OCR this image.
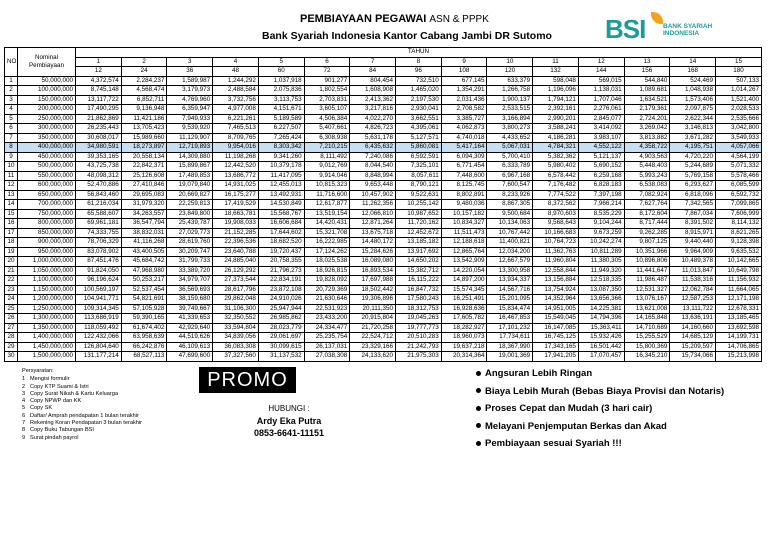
PEMBIAYAAN PEGAWAI ASN & PPPK
Bank Syariah Indonesia Kantor Cabang Jambi DR Sutomo BSI	BANK SYARIAH
INDONESIA
NO	Nominal
Pembiayaan	TAHUN														
		1	2	3	4	5	6	7	8	9	10	11	12	13	14	15
		12	24	36	48	60	72	84	96	108	120	132	144	156	168	180
1	50,000,000	4,372,574	2,284,237	1,589,987	1,244,292	1,037,918	901,277	804,454	732,510	677,145	633,379	598,048	569,015	544,840	524,469	507,133
2	100,000,000	8,745,148	4,568,474	3,179,973	2,488,584	2,075,836	1,802,554	1,608,908	1,465,020	1,354,291	1,266,758	1,196,096	1,138,031	1,089,681	1,048,938	1,014,267
3	150,000,000	13,117,722	6,852,711	4,769,960	3,732,756	3,113,753	2,703,831	2,413,362	2,197,530	2,031,436	1,900,137	1,794,121	1,707,046	1,634,521	1,573,406	1,521,400
4	200,000,000	17,490,295	9,136,948	6,359,947	4,977,008	4,151,671	3,605,107	3,217,816	2,930,041	2,708,582	2,533,515	2,392,161	2,276,061	2,179,361	2,097,875	2,028,533
5	250,000,000	21,862,869	11,421,186	7,949,933	6,221,261	5,189,589	4,506,384	4,022,270	3,662,551	3,385,727	3,166,894	2,990,201	2,845,077	2,724,201	2,622,344	2,535,666
6	300,000,000	26,235,443	13,705,423	9,539,920	7,465,513	6,227,507	5,407,661	4,826,723	4,395,061	4,062,873	3,800,273	3,588,241	3,414,092	3,269,042	3,146,813	3,042,800
7	350,000,000	30,608,017	15,989,660	11,129,907	8,709,765	7,265,424	6,308,938	5,631,178	5,127,571	4,740,018	4,433,652	4,186,281	3,983,107	3,813,882	3,671,282	3,549,933
8	400,000,000	34,980,591	18,273,897	12,719,893	9,954,016	8,303,342	7,210,215	6,435,632	5,860,081	5,417,164	5,067,031	4,784,321	4,552,122	4,358,722	4,195,751	4,057,066
9	450,000,000	39,353,165	20,558,134	14,309,880	11,198,268	9,341,260	8,111,492	7,240,086	6,592,591	6,094,309	5,700,410	5,382,362	5,121,137	4,903,563	4,720,220	4,564,199
10	500,000,000	43,725,738	22,842,371	15,899,867	12,442,520	10,379,178	9,012,769	8,044,540	7,325,101	6,771,454	6,333,789	5,980,402	5,690,152	5,448,403	5,244,689	5,071,332
11	550,000,000	48,098,312	25,126,608	17,489,853	13,686,772	11,417,095	9,914,046	8,848,994	8,057,611	7,448,600	6,967,168	6,578,442	6,259,168	5,993,243	5,769,158	5,578,466
12	600,000,000	52,470,886	27,410,846	19,079,840	14,931,025	12,455,013	10,815,323	9,653,448	8,790,121	8,125,745	7,600,547	7,176,482	6,828,183	6,538,083	6,293,627	6,085,599
13	650,000,000	56,843,460	29,695,083	20,669,827	16,175,277	13,492,931	11,716,600	10,457,902	9,522,631	8,802,891	8,233,926	7,774,522	7,397,198	7,082,924	6,818,096	6,592,732
14	700,000,000	61,216,034	31,979,320	22,259,813	17,419,529	14,530,849	12,617,877	11,262,356	10,255,142	9,480,036	8,867,305	8,372,562	7,966,214	7,627,764	7,342,565	7,099,865
15	750,000,000	65,588,607	34,263,557	23,849,800	18,663,781	15,568,767	13,519,154	12,066,810	10,987,652	10,157,182	9,500,684	8,970,603	8,535,229	8,172,604	7,867,034	7,606,999
16	800,000,000	69,961,181	36,547,794	25,439,787	19,908,033	16,606,684	14,420,431	12,871,264	11,720,162	10,834,327	10,134,063	9,568,643	9,104,244	8,717,444	8,391,502	8,114,132
17	850,000,000	74,333,755	38,832,031	27,029,773	21,152,285	17,644,602	15,321,708	13,675,718	12,452,672	11,511,473	10,767,442	10,166,683	9,673,259	9,262,285	8,915,971	8,621,265
18	900,000,000	78,706,329	41,116,268	28,619,760	22,396,536	18,682,520	16,222,985	14,480,172	13,185,182	12,188,618	11,400,821	10,764,723	10,242,274	9,807,125	9,440,440	9,128,398
19	950,000,000	83,078,902	43,400,505	30,209,747	23,640,788	19,720,437	17,124,262	15,284,626	13,917,692	12,865,764	12,034,200	11,362,763	10,811,289	10,351,966	9,964,909	9,635,532
20	1,000,000,000	87,451,476	45,684,742	31,799,733	24,885,040	20,758,355	18,025,538	16,089,080	14,650,202	13,542,909	12,667,579	11,960,804	11,380,305	10,896,806	10,489,378	10,142,665
21	1,050,000,000	91,824,050	47,968,980	33,389,720	26,129,292	21,796,273	18,926,815	16,893,534	15,382,712	14,220,054	13,300,958	12,558,844	11,949,320	11,441,647	11,013,847	10,649,798
22	1,100,000,000	96,196,624	50,253,217	34,979,707	27,373,544	22,834,191	19,828,092	17,697,988	16,115,222	14,897,200	13,934,337	13,156,884	12,518,335	11,986,487	11,538,316	11,156,932
23	1,150,000,000	100,569,197	52,537,454	36,569,693	28,617,796	23,872,108	20,729,369	18,502,442	16,847,732	15,574,345	14,567,716	13,754,924	13,087,350	12,531,327	12,062,784	11,664,065
24	1,200,000,000	104,941,771	54,821,691	38,159,680	29,862,048	24,910,026	21,630,646	19,306,896	17,580,243	16,251,491	15,201,095	14,352,964	13,656,366	13,076,167	12,587,253	12,171,198
25	1,250,000,000	109,314,345	57,105,928	39,749,667	31,106,300	25,947,944	22,531,923	20,111,350	18,312,753	16,928,636	15,834,474	14,951,005	14,225,381	13,621,008	13,111,722	12,678,331
26	1,300,000,000	113,686,919	59,390,165	41,339,653	32,350,552	26,985,862	23,433,200	20,915,804	19,045,263	17,605,782	16,467,853	15,549,045	14,794,396	14,165,848	13,636,191	13,185,465
27	1,350,000,000	118,059,492	61,674,402	42,929,640	33,594,804	28,023,779	24,334,477	21,720,258	19,777,773	18,282,927	17,101,232	16,147,085	15,363,411	14,710,689	14,160,660	13,692,598
28	1,400,000,000	122,432,066	63,958,639	44,519,626	34,839,056	29,061,697	25,235,754	22,524,712	20,510,283	18,960,073	17,734,611	16,745,125	15,932,426	15,255,529	14,685,129	14,199,731
29	1,450,000,000	126,804,640	66,242,876	46,109,613	36,083,308	30,099,615	26,137,031	23,329,166	21,242,793	19,637,218	18,367,990	17,343,165	16,501,442	15,800,369	15,209,597	14,706,865
30	1,500,000,000	131,177,214	68,527,113	47,699,600	37,327,560	31,137,532	27,038,308	24,133,620	21,975,303	20,314,364	19,001,369	17,941,205	17,070,457	16,345,210	15,734,066	15,213,998
Persyaratan:
1 Mengisi formulir
2 Copy KTP Suami & Istri
3 Copy Surat Nikah & Kartu Keluarga
4 Copy NPWP dan KK
5 Copy SK
6 Daftar/ Amprah pendapatan 1 bulan terakhir
7 Rekening Koran Pendapatan 3 bulan terakhir
8 Copy Buku Tabungan BSI
9 Surat pindah payrol
PROMO
HUBUNGI :
Ardy Eka Putra
0853-6641-11151
Angsuran Lebih Ringan
Biaya Lebih Murah (Bebas Biaya Provisi dan Notaris)
Proses Cepat dan Mudah (3 hari cair)
Melayani Penjemputan Berkas dan Akad
Pembiayaan sesuai Syariah !!!
